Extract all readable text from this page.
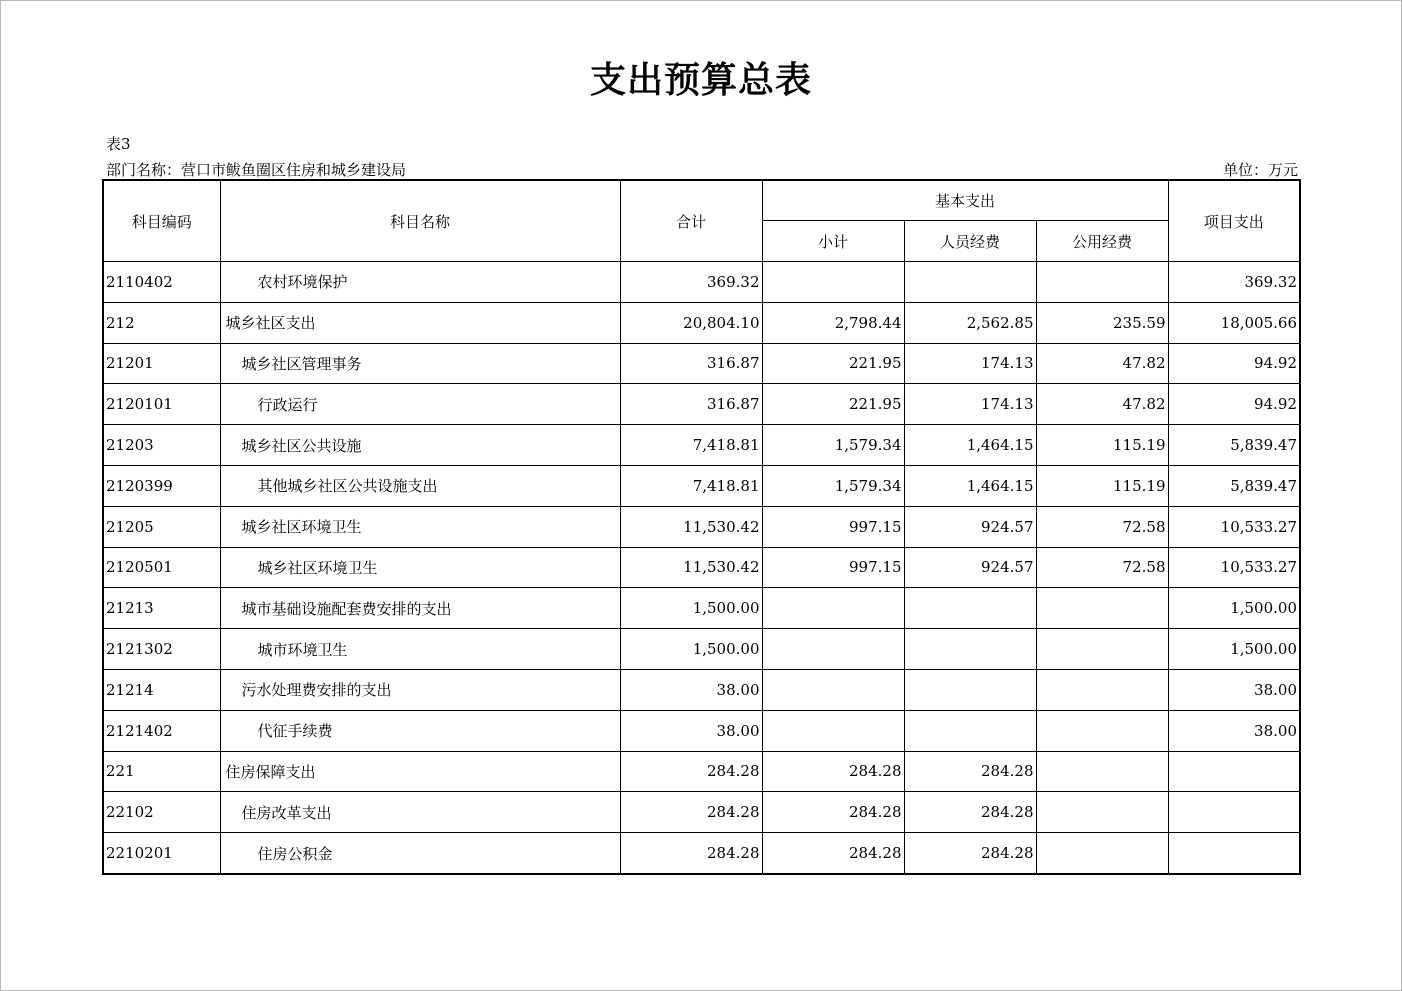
支出预算总表
表3
部门名称：营口市鲅鱼圈区住房和城乡建设局	单位：万元
科目编码	科目名称	合计	基本支出			项目支出
			小计	人员经费	公用经费	
2110402	农村环境保护	369.32				369.32
212	城乡社区支出	20,804.10	2,798.44	2,562.85	235.59	18,005.66
21201	城乡社区管理事务	316.87	221.95	174.13	47.82	94.92
2120101	行政运行	316.87	221.95	174.13	47.82	94.92
21203	城乡社区公共设施	7,418.81	1,579.34	1,464.15	115.19	5,839.47
2120399	其他城乡社区公共设施支出	7,418.81	1,579.34	1,464.15	115.19	5,839.47
21205	城乡社区环境卫生	11,530.42	997.15	924.57	72.58	10,533.27
2120501	城乡社区环境卫生	11,530.42	997.15	924.57	72.58	10,533.27
21213	城市基础设施配套费安排的支出	1,500.00				1,500.00
2121302	城市环境卫生	1,500.00				1,500.00
21214	污水处理费安排的支出	38.00				38.00
2121402	代征手续费	38.00				38.00
221	住房保障支出	284.28	284.28	284.28		
22102	住房改革支出	284.28	284.28	284.28		
2210201	住房公积金	284.28	284.28	284.28		
